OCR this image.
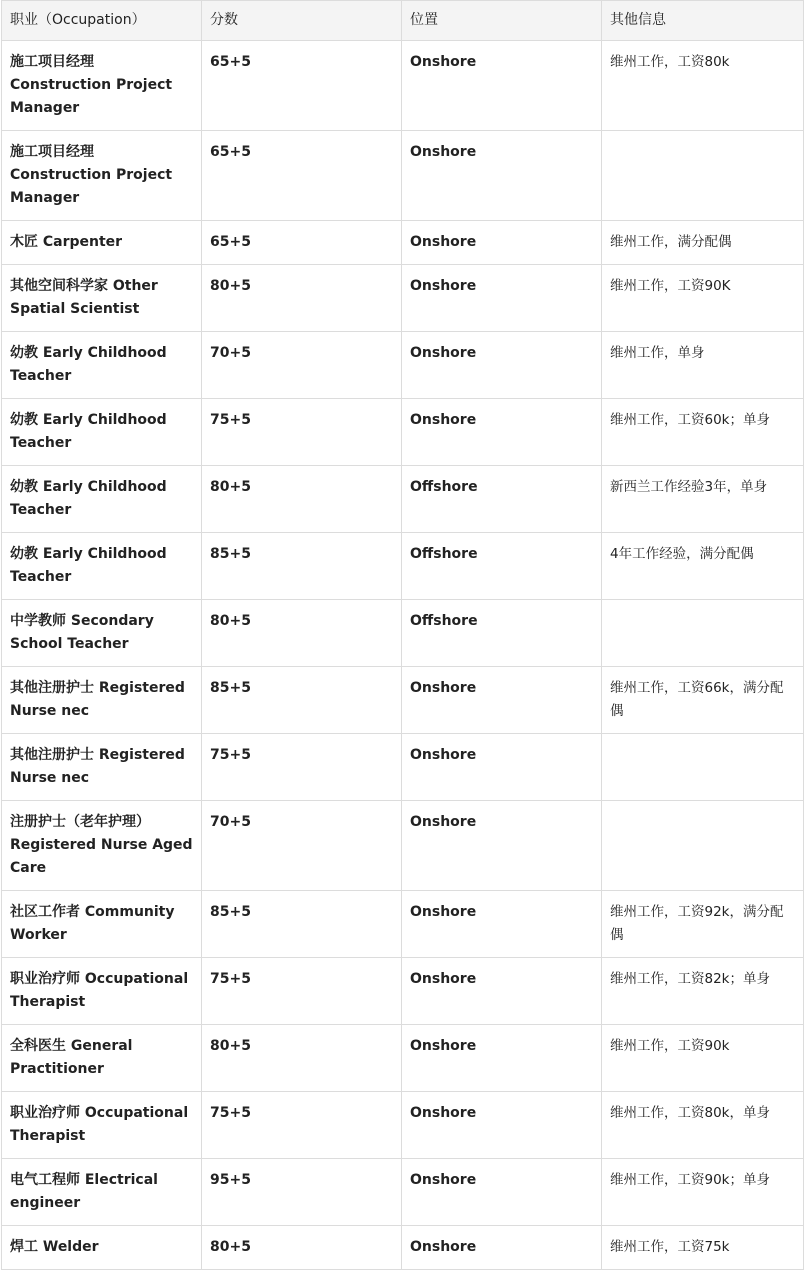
职业（Occupation）	分数	位置	其他信息
施工项目经理 Construction Project Manager	65+5	Onshore	维州工作，工资80k
施工项目经理 Construction Project Manager	65+5	Onshore	
木匠 Carpenter	65+5	Onshore	维州工作，满分配偶
其他空间科学家 Other Spatial Scientist	80+5	Onshore	维州工作，工资90K
幼教 Early Childhood Teacher	70+5	Onshore	维州工作，单身
幼教 Early Childhood Teacher	75+5	Onshore	维州工作，工资60k；单身
幼教 Early Childhood Teacher	80+5	Offshore	新西兰工作经验3年，单身
幼教 Early Childhood Teacher	85+5	Offshore	4年工作经验，满分配偶
中学教师 Secondary School Teacher	80+5	Offshore	
其他注册护士 Registered Nurse nec	85+5	Onshore	维州工作，工资66k，满分配偶
其他注册护士 Registered Nurse nec	75+5	Onshore	
注册护士（老年护理）Registered Nurse Aged Care	70+5	Onshore	
社区工作者 Community Worker	85+5	Onshore	维州工作，工资92k，满分配偶
职业治疗师 Occupational Therapist	75+5	Onshore	维州工作，工资82k；单身
全科医生 General Practitioner	80+5	Onshore	维州工作，工资90k
职业治疗师 Occupational Therapist	75+5	Onshore	维州工作，工资80k，单身
电气工程师 Electrical engineer	95+5	Onshore	维州工作，工资90k；单身
焊工 Welder	80+5	Onshore	维州工作，工资75k
